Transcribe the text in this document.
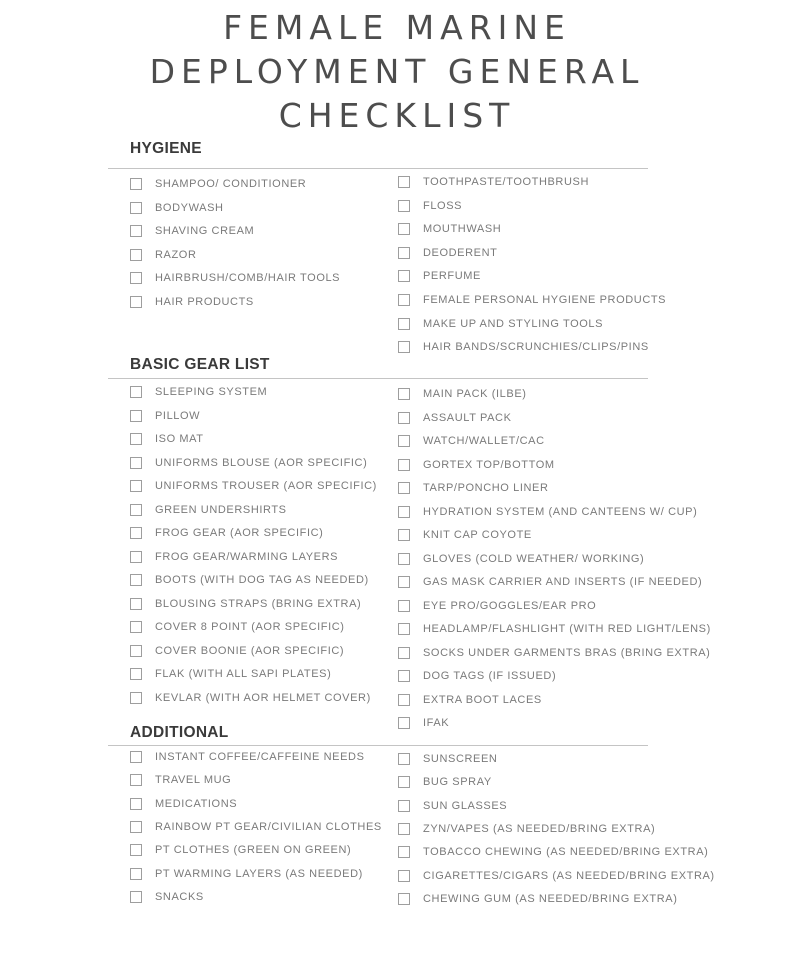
FEMALE MARINE
DEPLOYMENT GENERAL
CHECKLIST
HYGIENE
BASIC GEAR LIST
ADDITIONAL
SHAMPOO/ CONDITIONER
BODYWASH
SHAVING CREAM
RAZOR
HAIRBRUSH/COMB/HAIR TOOLS
HAIR PRODUCTS
TOOTHPASTE/TOOTHBRUSH
FLOSS
MOUTHWASH
DEODERENT
PERFUME
FEMALE PERSONAL HYGIENE PRODUCTS
MAKE UP AND STYLING TOOLS
HAIR BANDS/SCRUNCHIES/CLIPS/PINS
SLEEPING SYSTEM
PILLOW
ISO MAT
UNIFORMS BLOUSE (AOR SPECIFIC)
UNIFORMS TROUSER (AOR SPECIFIC)
GREEN UNDERSHIRTS
FROG GEAR (AOR SPECIFIC)
FROG GEAR/WARMING LAYERS
BOOTS (WITH DOG TAG AS NEEDED)
BLOUSING STRAPS (BRING EXTRA)
COVER 8 POINT (AOR SPECIFIC)
COVER BOONIE (AOR SPECIFIC)
FLAK (WITH ALL SAPI PLATES)
KEVLAR (WITH AOR HELMET COVER)
MAIN PACK (ILBE)
ASSAULT PACK
WATCH/WALLET/CAC
GORTEX TOP/BOTTOM
TARP/PONCHO LINER
HYDRATION SYSTEM (AND CANTEENS W/ CUP)
KNIT CAP COYOTE
GLOVES (COLD WEATHER/ WORKING)
GAS MASK CARRIER AND INSERTS (IF NEEDED)
EYE PRO/GOGGLES/EAR PRO
HEADLAMP/FLASHLIGHT (WITH RED LIGHT/LENS)
SOCKS UNDER GARMENTS BRAS (BRING EXTRA)
DOG TAGS (IF ISSUED)
EXTRA BOOT LACES
IFAK
INSTANT COFFEE/CAFFEINE NEEDS
TRAVEL MUG
MEDICATIONS
RAINBOW PT GEAR/CIVILIAN CLOTHES
PT CLOTHES (GREEN ON GREEN)
PT WARMING LAYERS (AS NEEDED)
SNACKS
SUNSCREEN
BUG SPRAY
SUN GLASSES
ZYN/VAPES (AS NEEDED/BRING EXTRA)
TOBACCO CHEWING (AS NEEDED/BRING EXTRA)
CIGARETTES/CIGARS (AS NEEDED/BRING EXTRA)
CHEWING GUM (AS NEEDED/BRING EXTRA)
